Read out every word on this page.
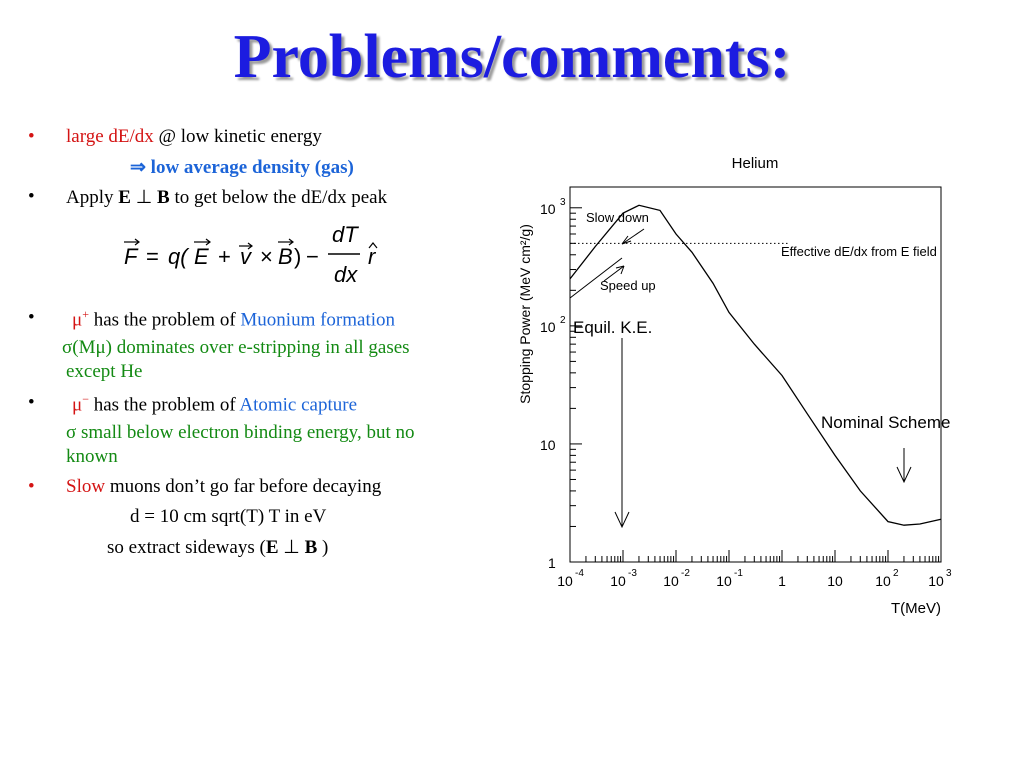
Problems/comments:
• large dE/dx @ low kinetic energy
⇒ low average density (gas)
• Apply E ⊥ B to get below the dE/dx peak
F = q( E + v × B ) −
dT
dx
r
• μ+ has the problem of Muonium formation
σ(Mμ) dominates over e-stripping in all gases
except He
• μ− has the problem of Atomic capture
σ small below electron binding energy, but no
known
• Slow muons don’t go far before decaying
d = 10 cm sqrt(T) T in eV
so extract sideways (E ⊥ B )
Helium
10 -4 10 -3 10 -2 10 -1	1	10 10 2 10 3
10 3
10 2
10
1
Slow down
Speed up
Effective dE/dx from E field
Equil. K.E.
Nominal Scheme
T(MeV)
Stopping Power (MeV cm²/g)
